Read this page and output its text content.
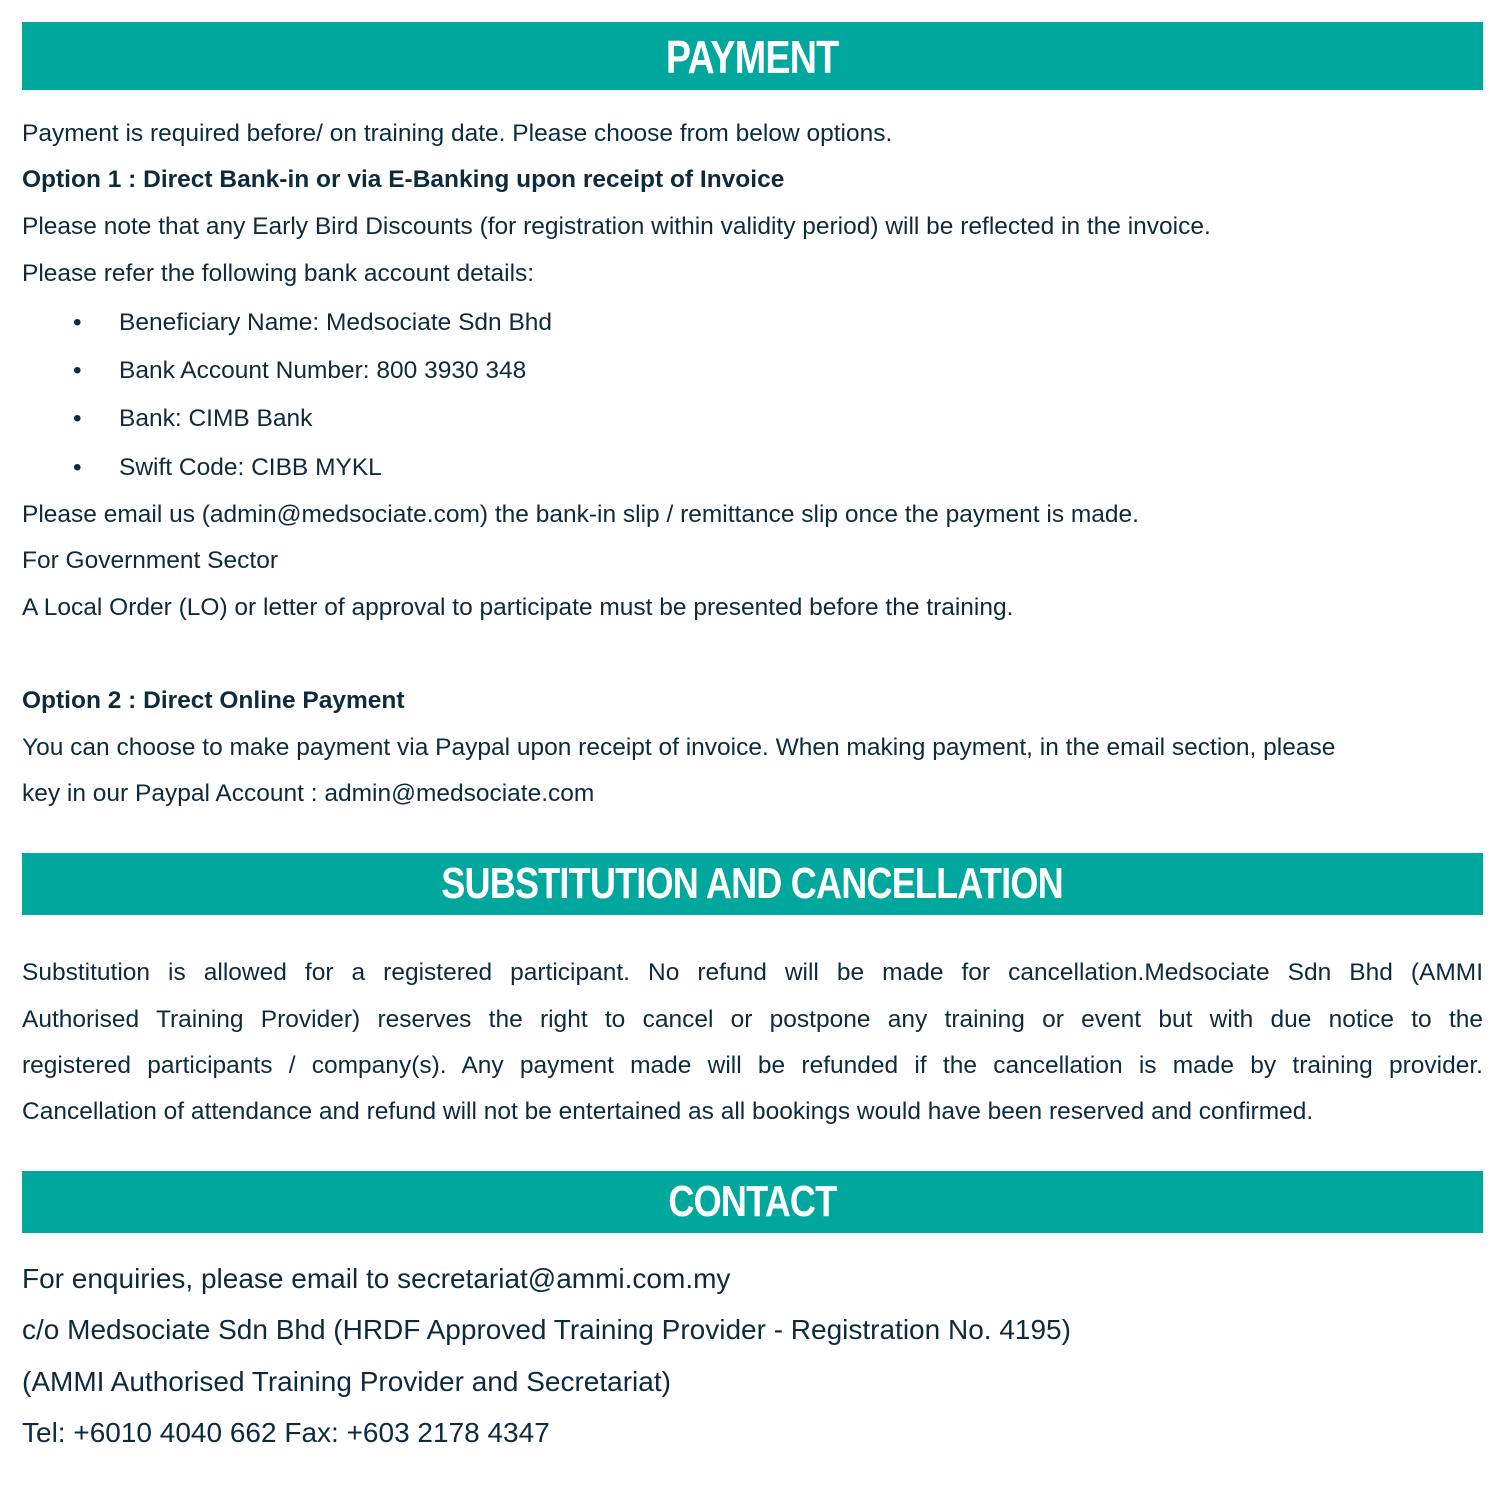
PAYMENT
Payment is required before/ on training date. Please choose from below options.
Option 1 : Direct Bank-in or via E-Banking upon receipt of Invoice
Please note that any Early Bird Discounts (for registration within validity period) will be reflected in the invoice.
Please refer the following bank account details:
• Beneficiary Name: Medsociate Sdn Bhd
• Bank Account Number: 800 3930 348
• Bank: CIMB Bank
• Swift Code: CIBB MYKL
Please email us (admin@medsociate.com) the bank-in slip / remittance slip once the payment is made.
For Government Sector
A Local Order (LO) or letter of approval to participate must be presented before the training.
Option 2 : Direct Online Payment
You can choose to make payment via Paypal upon receipt of invoice. When making payment, in the email section, please
key in our Paypal Account : admin@medsociate.com
SUBSTITUTION AND CANCELLATION
Substitution is allowed for a registered participant. No refund will be made for cancellation.Medsociate Sdn Bhd (AMMI
Authorised Training Provider) reserves the right to cancel or postpone any training or event but with due notice to the
registered participants / company(s). Any payment made will be refunded if the cancellation is made by training provider.
Cancellation of attendance and refund will not be entertained as all bookings would have been reserved and confirmed.
CONTACT
For enquiries, please email to secretariat@ammi.com.my
c/o Medsociate Sdn Bhd (HRDF Approved Training Provider - Registration No. 4195)
(AMMI Authorised Training Provider and Secretariat)
Tel: +6010 4040 662 Fax: +603 2178 4347
